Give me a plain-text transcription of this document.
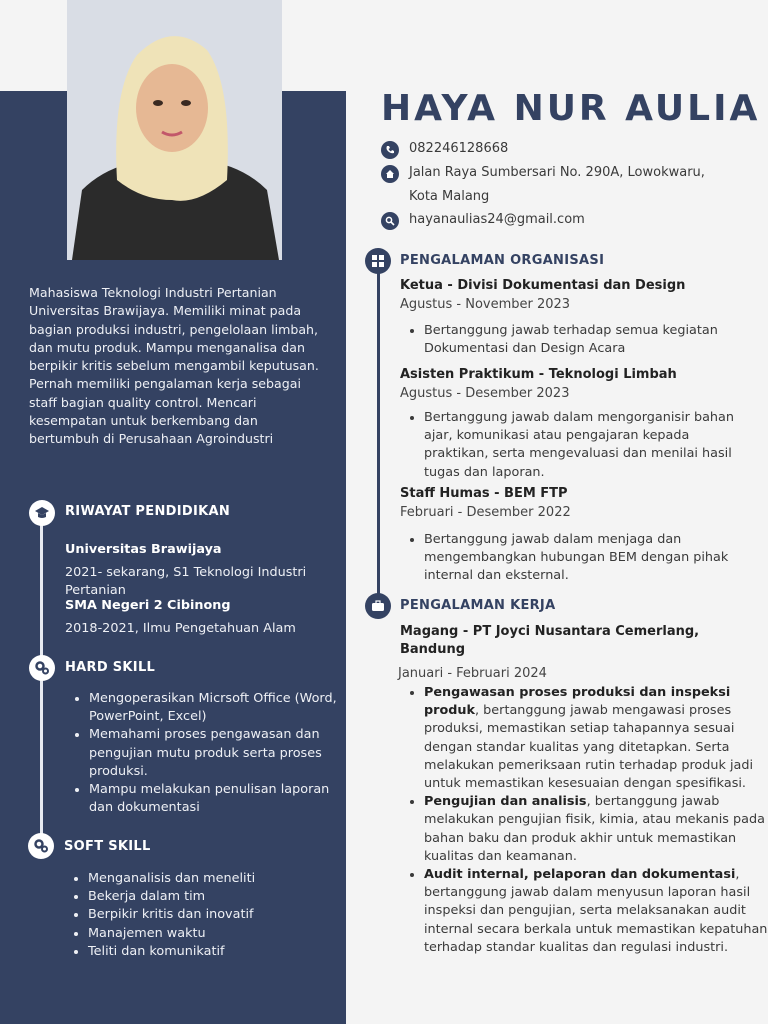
Mahasiswa Teknologi Industri Pertanian Universitas Brawijaya. Memiliki minat pada bagian produksi industri, pengelolaan limbah, dan mutu produk. Mampu menganalisa dan berpikir kritis sebelum mengambil keputusan. Pernah memiliki pengalaman kerja sebagai staff bagian quality control. Mencari kesempatan untuk berkembang dan bertumbuh di Perusahaan Agroindustri
RIWAYAT PENDIDIKAN
Universitas Brawijaya
2021- sekarang, S1 Teknologi Industri Pertanian
SMA Negeri 2 Cibinong
2018-2021, Ilmu Pengetahuan Alam
HARD SKILL
• Mengoperasikan Micrsoft Office (Word, PowerPoint, Excel)
• Memahami proses pengawasan dan pengujian mutu produk serta proses produksi.
• Mampu melakukan penulisan laporan dan dokumentasi
SOFT SKILL
• Menganalisis dan meneliti
• Bekerja dalam tim
• Berpikir kritis dan inovatif
• Manajemen waktu
• Teliti dan komunikatif
HAYA NUR AULIA
082246128668
Jalan Raya Sumbersari No. 290A, Lowokwaru,
Kota Malang
hayanaulias24@gmail.com
PENGALAMAN ORGANISASI
Ketua - Divisi Dokumentasi dan Design
Agustus - November 2023
• Bertanggung jawab terhadap semua kegiatan Dokumentasi dan Design Acara
Asisten Praktikum - Teknologi Limbah
Agustus - Desember 2023
• Bertanggung jawab dalam mengorganisir bahan ajar, komunikasi atau pengajaran kepada praktikan, serta mengevaluasi dan menilai hasil tugas dan laporan.
Staff Humas - BEM FTP
Februari - Desember 2022
• Bertanggung jawab dalam menjaga dan mengembangkan hubungan BEM dengan pihak internal dan eksternal.
PENGALAMAN KERJA
Magang - PT Joyci Nusantara Cemerlang, Bandung
Januari - Februari 2024
• Pengawasan proses produksi dan inspeksi produk, bertanggung jawab mengawasi proses produksi, memastikan setiap tahapannya sesuai dengan standar kualitas yang ditetapkan. Serta melakukan pemeriksaan rutin terhadap produk jadi untuk memastikan kesesuaian dengan spesifikasi.
• Pengujian dan analisis, bertanggung jawab melakukan pengujian fisik, kimia, atau mekanis pada bahan baku dan produk akhir untuk memastikan kualitas dan keamanan.
• Audit internal, pelaporan dan dokumentasi, bertanggung jawab dalam menyusun laporan hasil inspeksi dan pengujian, serta melaksanakan audit internal secara berkala untuk memastikan kepatuhan terhadap standar kualitas dan regulasi industri.
